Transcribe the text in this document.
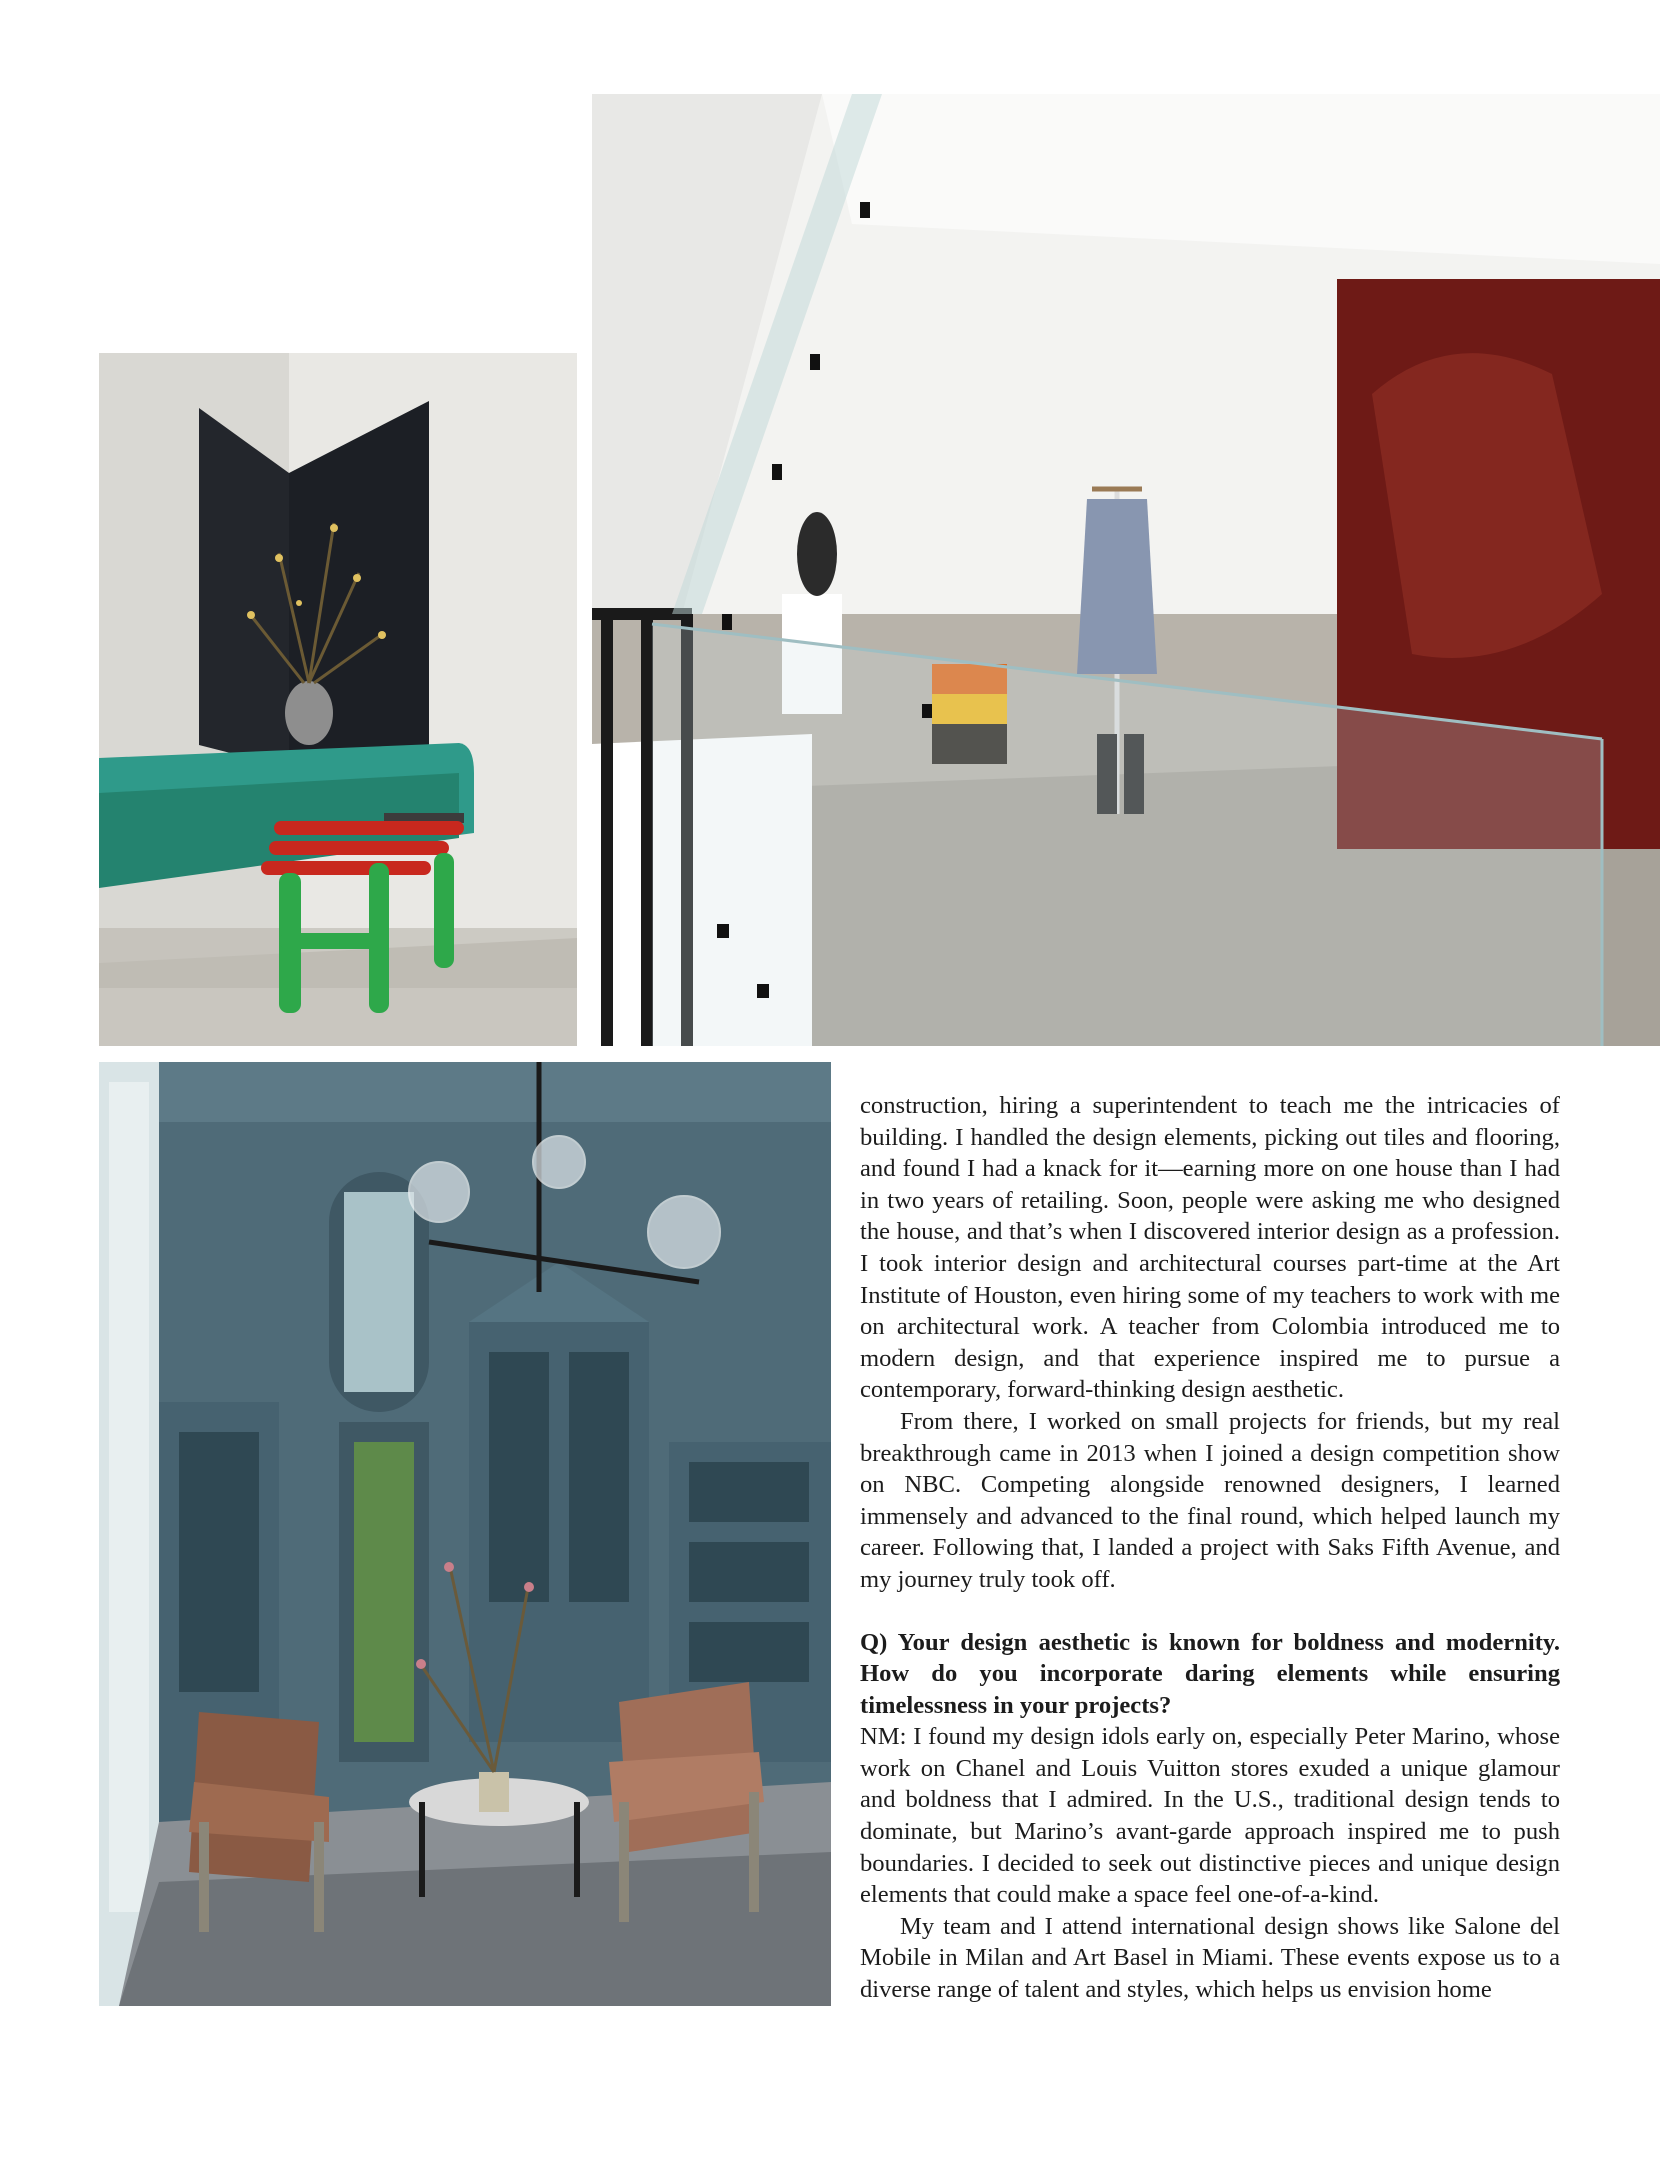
construction, hiring a superintendent to teach me the intricacies of building. I handled the design elements, picking out tiles and flooring, and found I had a knack for it—earning more on one house than I had in two years of retailing. Soon, people were asking me who designed the house, and that’s when I discovered interior design as a profession. I took interior design and architectural courses part-time at the Art Institute of Houston, even hiring some of my teachers to work with me on architectural work. A teacher from Colombia introduced me to modern design, and that experience inspired me to pursue a contemporary, forward-thinking design aesthetic.

From there, I worked on small projects for friends, but my real breakthrough came in 2013 when I joined a design competition show on NBC. Competing alongside renowned designers, I learned immensely and advanced to the final round, which helped launch my career. Following that, I landed a project with Saks Fifth Avenue, and my journey truly took off.

Q) Your design aesthetic is known for boldness and modernity. How do you incorporate daring elements while ensuring timelessness in your projects?

NM: I found my design idols early on, especially Peter Marino, whose work on Chanel and Louis Vuitton stores exuded a unique glamour and boldness that I admired. In the U.S., traditional design tends to dominate, but Marino’s avant-garde approach inspired me to push boundaries. I decided to seek out distinctive pieces and unique design elements that could make a space feel one-of-a-kind.

My team and I attend international design shows like Salone del Mobile in Milan and Art Basel in Miami. These events expose us to a diverse range of talent and styles, which helps us envision home
